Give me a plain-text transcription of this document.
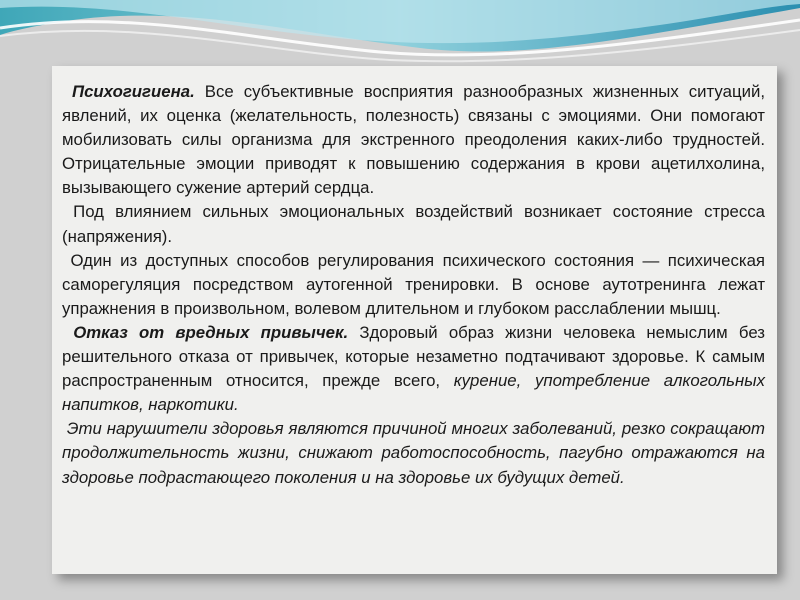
Психогигиена. Все субъективные восприятия разнообразных жизненных ситуаций, явлений, их оценка (желательность, полезность) связаны с эмоциями. Они помогают мобилизовать силы организма для экстренного преодоления каких-либо трудностей. Отрицательные эмоции приводят к повышению содержания в крови ацетилхолина, вызывающего сужение артерий сердца.

Под влиянием сильных эмоциональных воздействий возникает состояние стресса (напряжения).

Один из доступных способов регулирования психического состояния — психическая саморегуляция посредством аутогенной тренировки. В основе аутотренинга лежат упражнения в произвольном, волевом длительном и глубоком расслаблении мышц.

Отказ от вредных привычек. Здоровый образ жизни человека немыслим без решительного отказа от привычек, которые незаметно подтачивают здоровье. К самым распространенным относится, прежде всего, курение, употребление алкогольных напитков, наркотики.

Эти нарушители здоровья являются причиной многих заболеваний, резко сокращают продолжительность жизни, снижают работоспособность, пагубно отражаются на здоровье подрастающего поколения и на здоровье их будущих детей.
